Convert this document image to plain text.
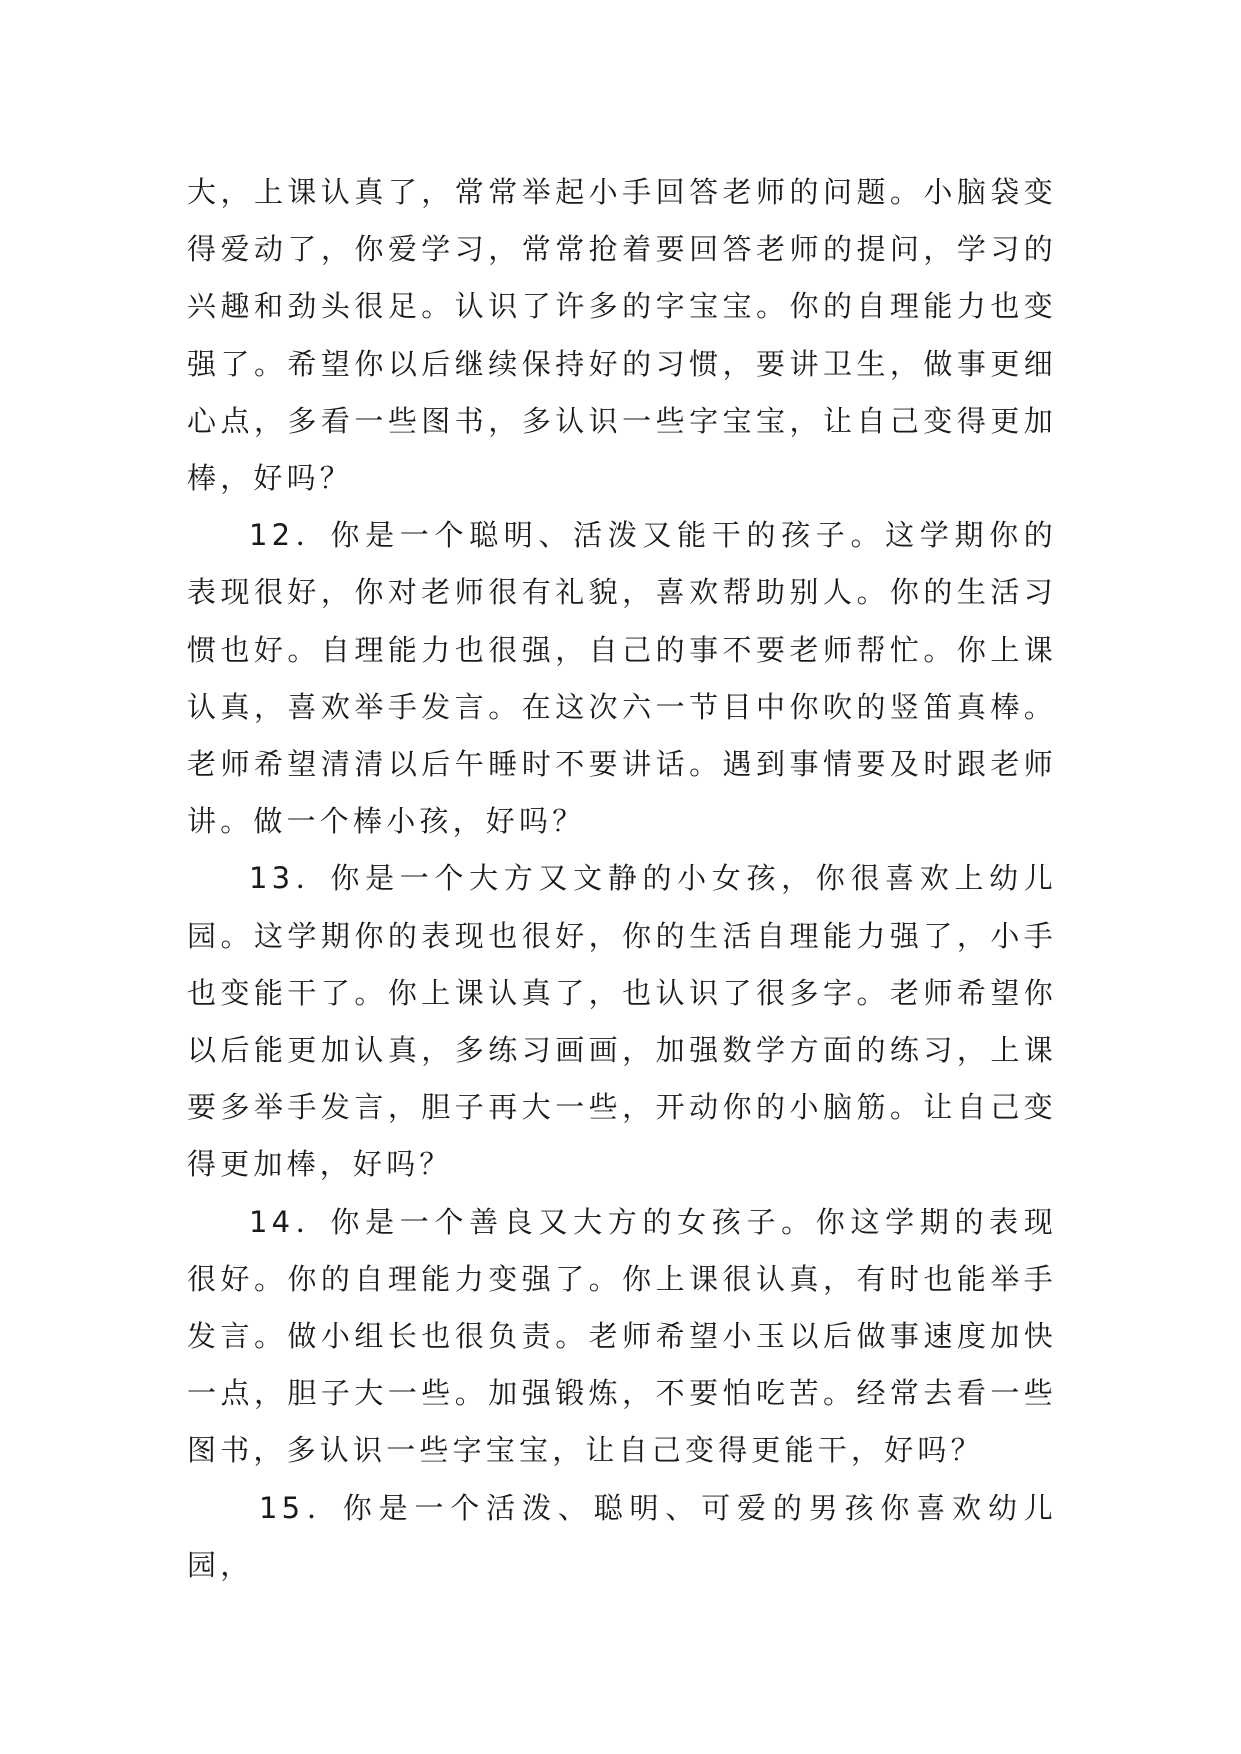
大，上课认真了，常常举起小手回答老师的问题。小脑袋变得爱动了，你爱学习，常常抢着要回答老师的提问，学习的兴趣和劲头很足。认识了许多的字宝宝。你的自理能力也变强了。希望你以后继续保持好的习惯，要讲卫生，做事更细心点，多看一些图书，多认识一些字宝宝，让自己变得更加棒，好吗？

12．你是一个聪明、活泼又能干的孩子。这学期你的表现很好，你对老师很有礼貌，喜欢帮助别人。你的生活习惯也好。自理能力也很强，自己的事不要老师帮忙。你上课认真，喜欢举手发言。在这次六一节目中你吹的竖笛真棒。老师希望清清以后午睡时不要讲话。遇到事情要及时跟老师讲。做一个棒小孩，好吗？

13．你是一个大方又文静的小女孩，你很喜欢上幼儿园。这学期你的表现也很好，你的生活自理能力强了，小手也变能干了。你上课认真了，也认识了很多字。老师希望你以后能更加认真，多练习画画，加强数学方面的练习，上课要多举手发言，胆子再大一些，开动你的小脑筋。让自己变得更加棒，好吗？

14．你是一个善良又大方的女孩子。你这学期的表现很好。你的自理能力变强了。你上课很认真，有时也能举手发言。做小组长也很负责。老师希望小玉以后做事速度加快一点，胆子大一些。加强锻炼，不要怕吃苦。经常去看一些图书，多认识一些字宝宝，让自己变得更能干，好吗？

15．你是一个活泼、聪明、可爱的男孩你喜欢幼儿园，
